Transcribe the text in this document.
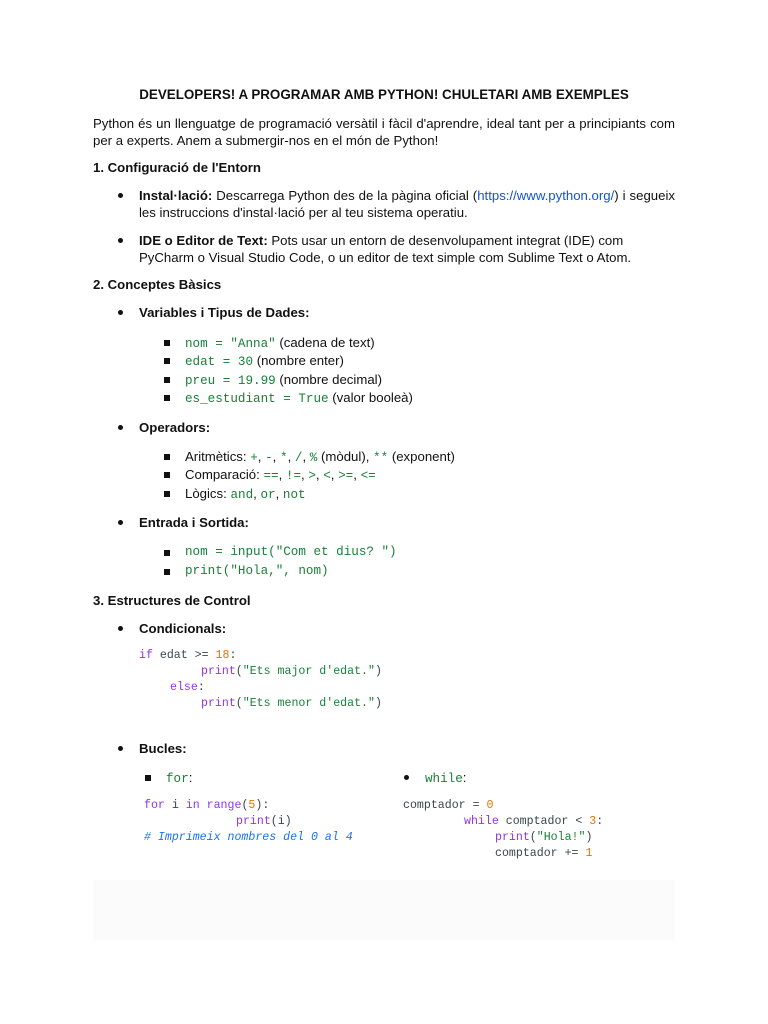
DEVELOPERS! A PROGRAMAR AMB PYTHON! CHULETARI AMB EXEMPLES
Python és un llenguatge de programació versàtil i fàcil d'aprendre, ideal tant per a principiants com per a experts. Anem a submergir-nos en el món de Python!
1. Configuració de l'Entorn
Instal·lació: Descarrega Python des de la pàgina oficial (https://www.python.org/) i segueix les instruccions d'instal·lació per al teu sistema operatiu.
IDE o Editor de Text: Pots usar un entorn de desenvolupament integrat (IDE) com PyCharm o Visual Studio Code, o un editor de text simple com Sublime Text o Atom.
2. Conceptes Bàsics
Variables i Tipus de Dades:
nom = "Anna" (cadena de text)
edat = 30 (nombre enter)
preu = 19.99 (nombre decimal)
es_estudiant = True (valor booleà)
Operadors:
Aritmètics: +, -, *, /, % (mòdul), ** (exponent)
Comparació: ==, !=, >, <, >=, <=
Lògics: and, or, not
Entrada i Sortida:
nom = input("Com et dius? ")
print("Hola,", nom)
3. Estructures de Control
Condicionals:
if edat >= 18:
print("Ets major d'edat.")
else:
print("Ets menor d'edat.")
Bucles:
for:	while:
for i in range(5):
print(i)
# Imprimeix nombres del 0 al 4
comptador = 0
while comptador < 3:
print("Hola!")
comptador += 1
